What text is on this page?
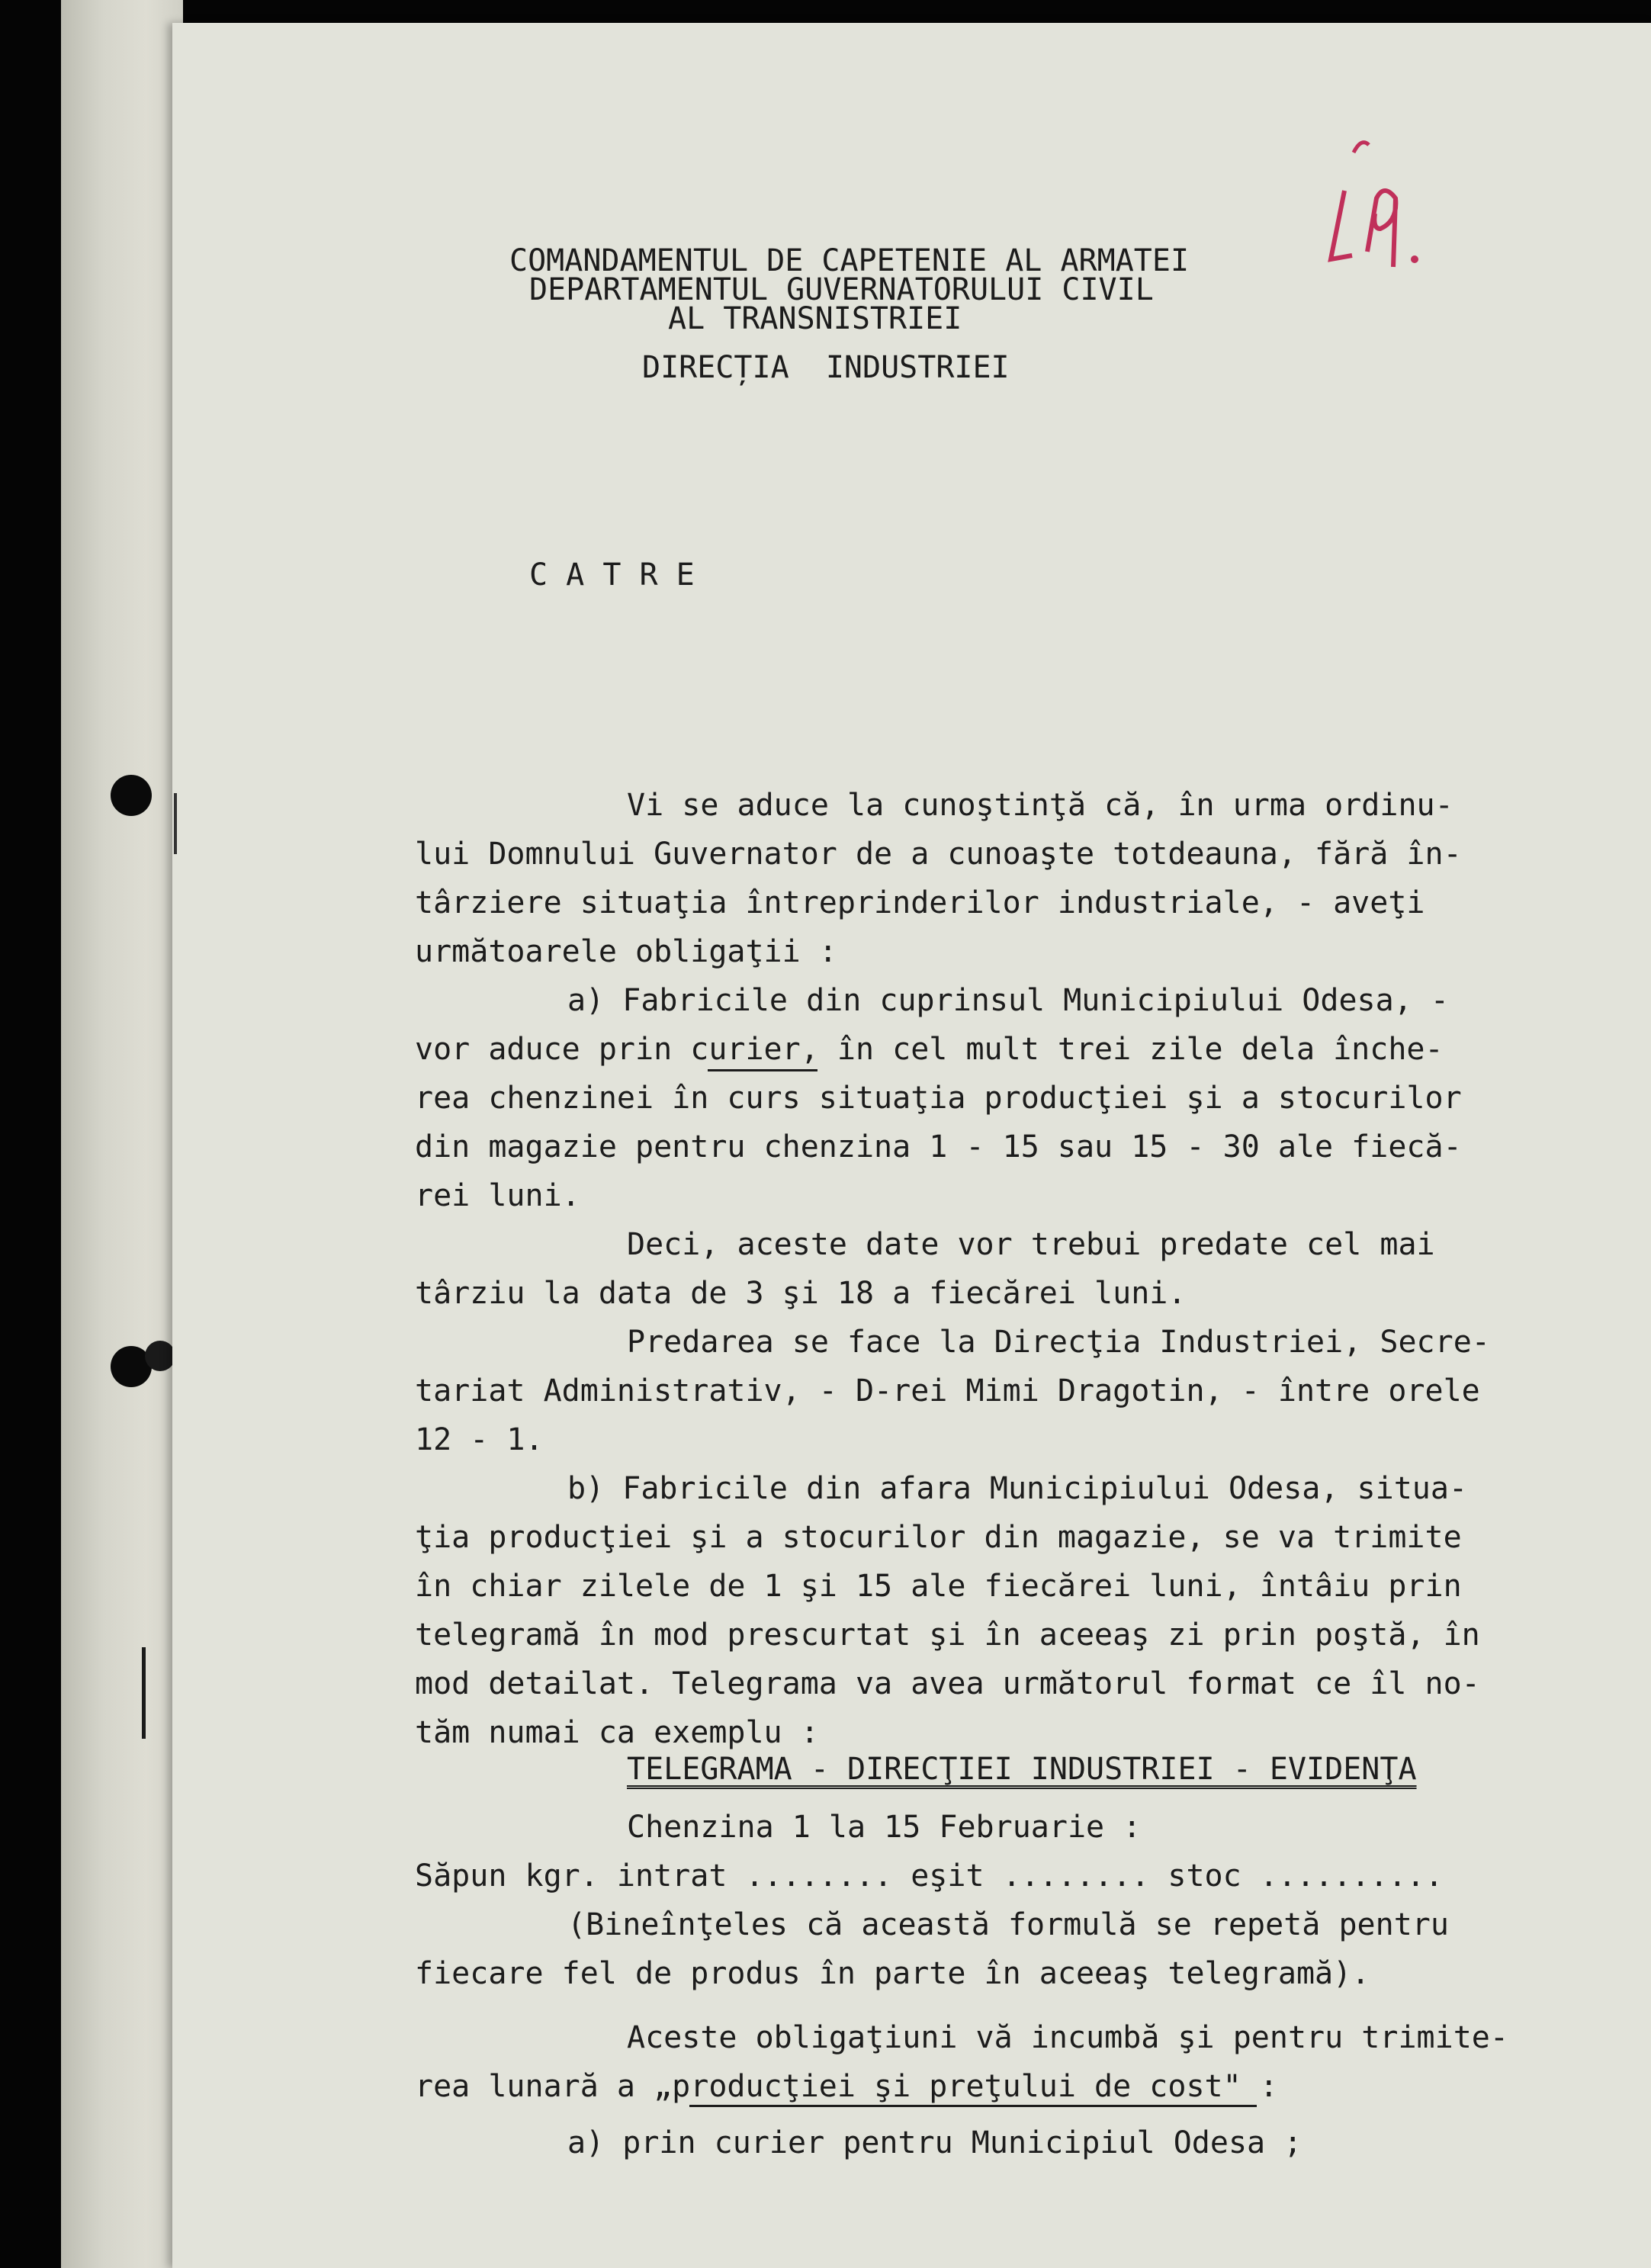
COMANDAMENTUL DE CAPETENIE AL ARMATEI
DEPARTAMENTUL GUVERNATORULUI CIVIL
AL TRANSNISTRIEI
DIRECȚIA  INDUSTRIEI
C A T R E
Vi se aduce la cunoştinţă că, în urma ordinu-
lui Domnului Guvernator de a cunoaşte totdeauna, fără în-
târziere situaţia întreprinderilor industriale, - aveţi
următoarele obligaţii :
a) Fabricile din cuprinsul Municipiului Odesa, -
vor aduce prin curier, în cel mult trei zile dela înche-
rea chenzinei în curs situaţia producţiei şi a stocurilor
din magazie pentru chenzina 1 - 15 sau 15 - 30 ale fiecă-
rei luni.
Deci, aceste date vor trebui predate cel mai
târziu la data de 3 şi 18 a fiecărei luni.
Predarea se face la Direcţia Industriei, Secre-
tariat Administrativ, - D-rei Mimi Dragotin, - între orele
12 - 1.
b) Fabricile din afara Municipiului Odesa, situa-
ţia producţiei şi a stocurilor din magazie, se va trimite
în chiar zilele de 1 şi 15 ale fiecărei luni, întâiu prin
telegramă în mod prescurtat şi în aceeaş zi prin poştă, în
mod detailat. Telegrama va avea următorul format ce îl no-
tăm numai ca exemplu :
TELEGRAMA - DIRECŢIEI INDUSTRIEI - EVIDENŢA
Chenzina 1 la 15 Februarie :
Săpun kgr. intrat ........ eşit ........ stoc ..........
(Bineînţeles că această formulă se repetă pentru
fiecare fel de produs în parte în aceeaş telegramă).
Aceste obligaţiuni vă incumbă şi pentru trimite-
rea lunară a „producţiei şi preţului de cost" :
a) prin curier pentru Municipiul Odesa ;
